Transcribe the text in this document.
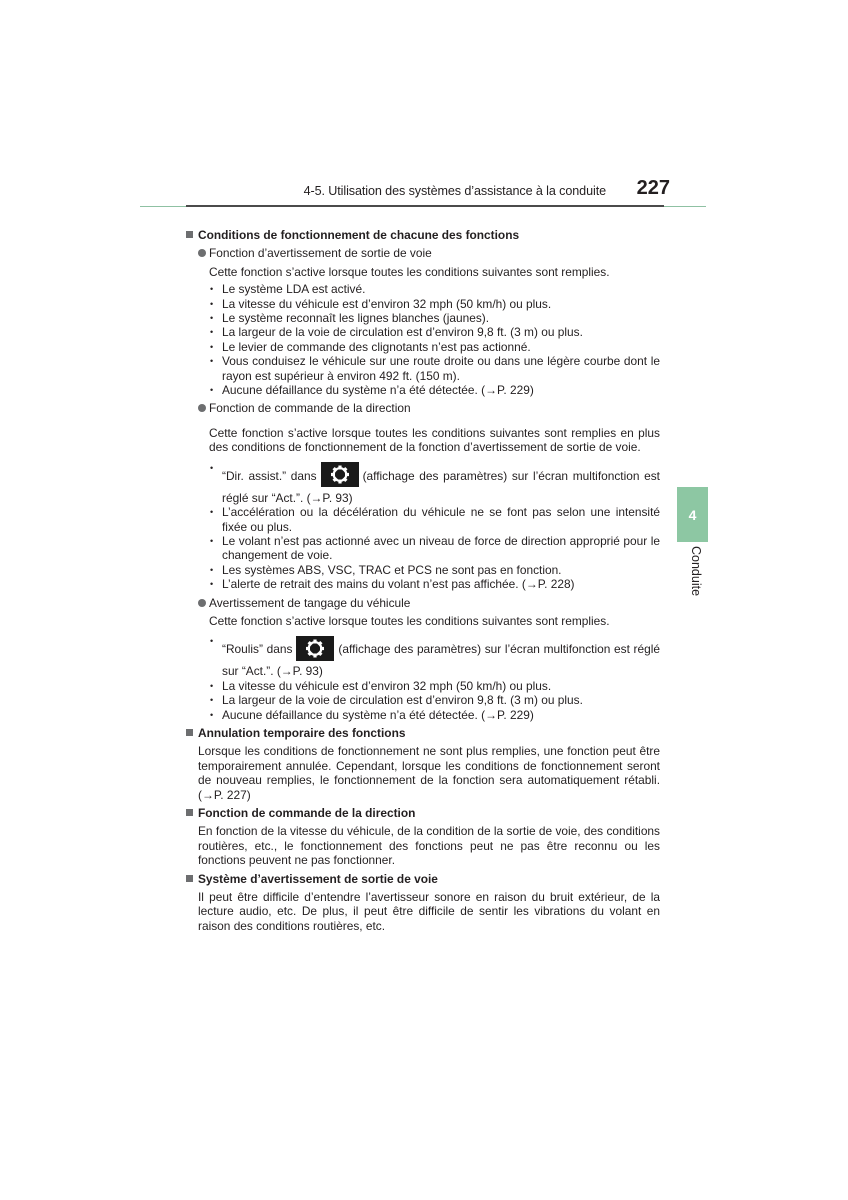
4-5. Utilisation des systèmes d’assistance à la conduite 227
4
Conduite
Conditions de fonctionnement de chacune des fonctions
Fonction d’avertissement de sortie de voie
Cette fonction s’active lorsque toutes les conditions suivantes sont remplies.
• Le système LDA est activé.
• La vitesse du véhicule est d’environ 32 mph (50 km/h) ou plus.
• Le système reconnaît les lignes blanches (jaunes).
• La largeur de la voie de circulation est d’environ 9,8 ft. (3 m) ou plus.
• Le levier de commande des clignotants n’est pas actionné.
• Vous conduisez le véhicule sur une route droite ou dans une légère courbe dont le rayon est supérieur à environ 492 ft. (150 m).
• Aucune défaillance du système n’a été détectée. (→P. 229)
Fonction de commande de la direction
Cette fonction s’active lorsque toutes les conditions suivantes sont remplies en plus des conditions de fonctionnement de la fonction d’avertissement de sortie de voie.
• “Dir. assist.” dans	(affichage des paramètres) sur l’écran multifonction est réglé sur “Act.”. (→P. 93)
• L’accélération ou la décélération du véhicule ne se font pas selon une intensité fixée ou plus.
• Le volant n’est pas actionné avec un niveau de force de direction approprié pour le changement de voie.
• Les systèmes ABS, VSC, TRAC et PCS ne sont pas en fonction.
• L’alerte de retrait des mains du volant n’est pas affichée. (→P. 228)
Avertissement de tangage du véhicule
Cette fonction s’active lorsque toutes les conditions suivantes sont remplies.
• “Roulis” dans	(affichage des paramètres) sur l’écran multifonction est réglé sur “Act.”. (→P. 93)
• La vitesse du véhicule est d’environ 32 mph (50 km/h) ou plus.
• La largeur de la voie de circulation est d’environ 9,8 ft. (3 m) ou plus.
• Aucune défaillance du système n’a été détectée. (→P. 229)
Annulation temporaire des fonctions
Lorsque les conditions de fonctionnement ne sont plus remplies, une fonction peut être temporairement annulée. Cependant, lorsque les conditions de fonctionnement seront de nouveau remplies, le fonctionnement de la fonction sera automatiquement rétabli. (→P. 227)
Fonction de commande de la direction
En fonction de la vitesse du véhicule, de la condition de la sortie de voie, des conditions routières, etc., le fonctionnement des fonctions peut ne pas être reconnu ou les fonctions peuvent ne pas fonctionner.
Système d’avertissement de sortie de voie
Il peut être difficile d’entendre l’avertisseur sonore en raison du bruit extérieur, de la lecture audio, etc. De plus, il peut être difficile de sentir les vibrations du volant en raison des conditions routières, etc.
